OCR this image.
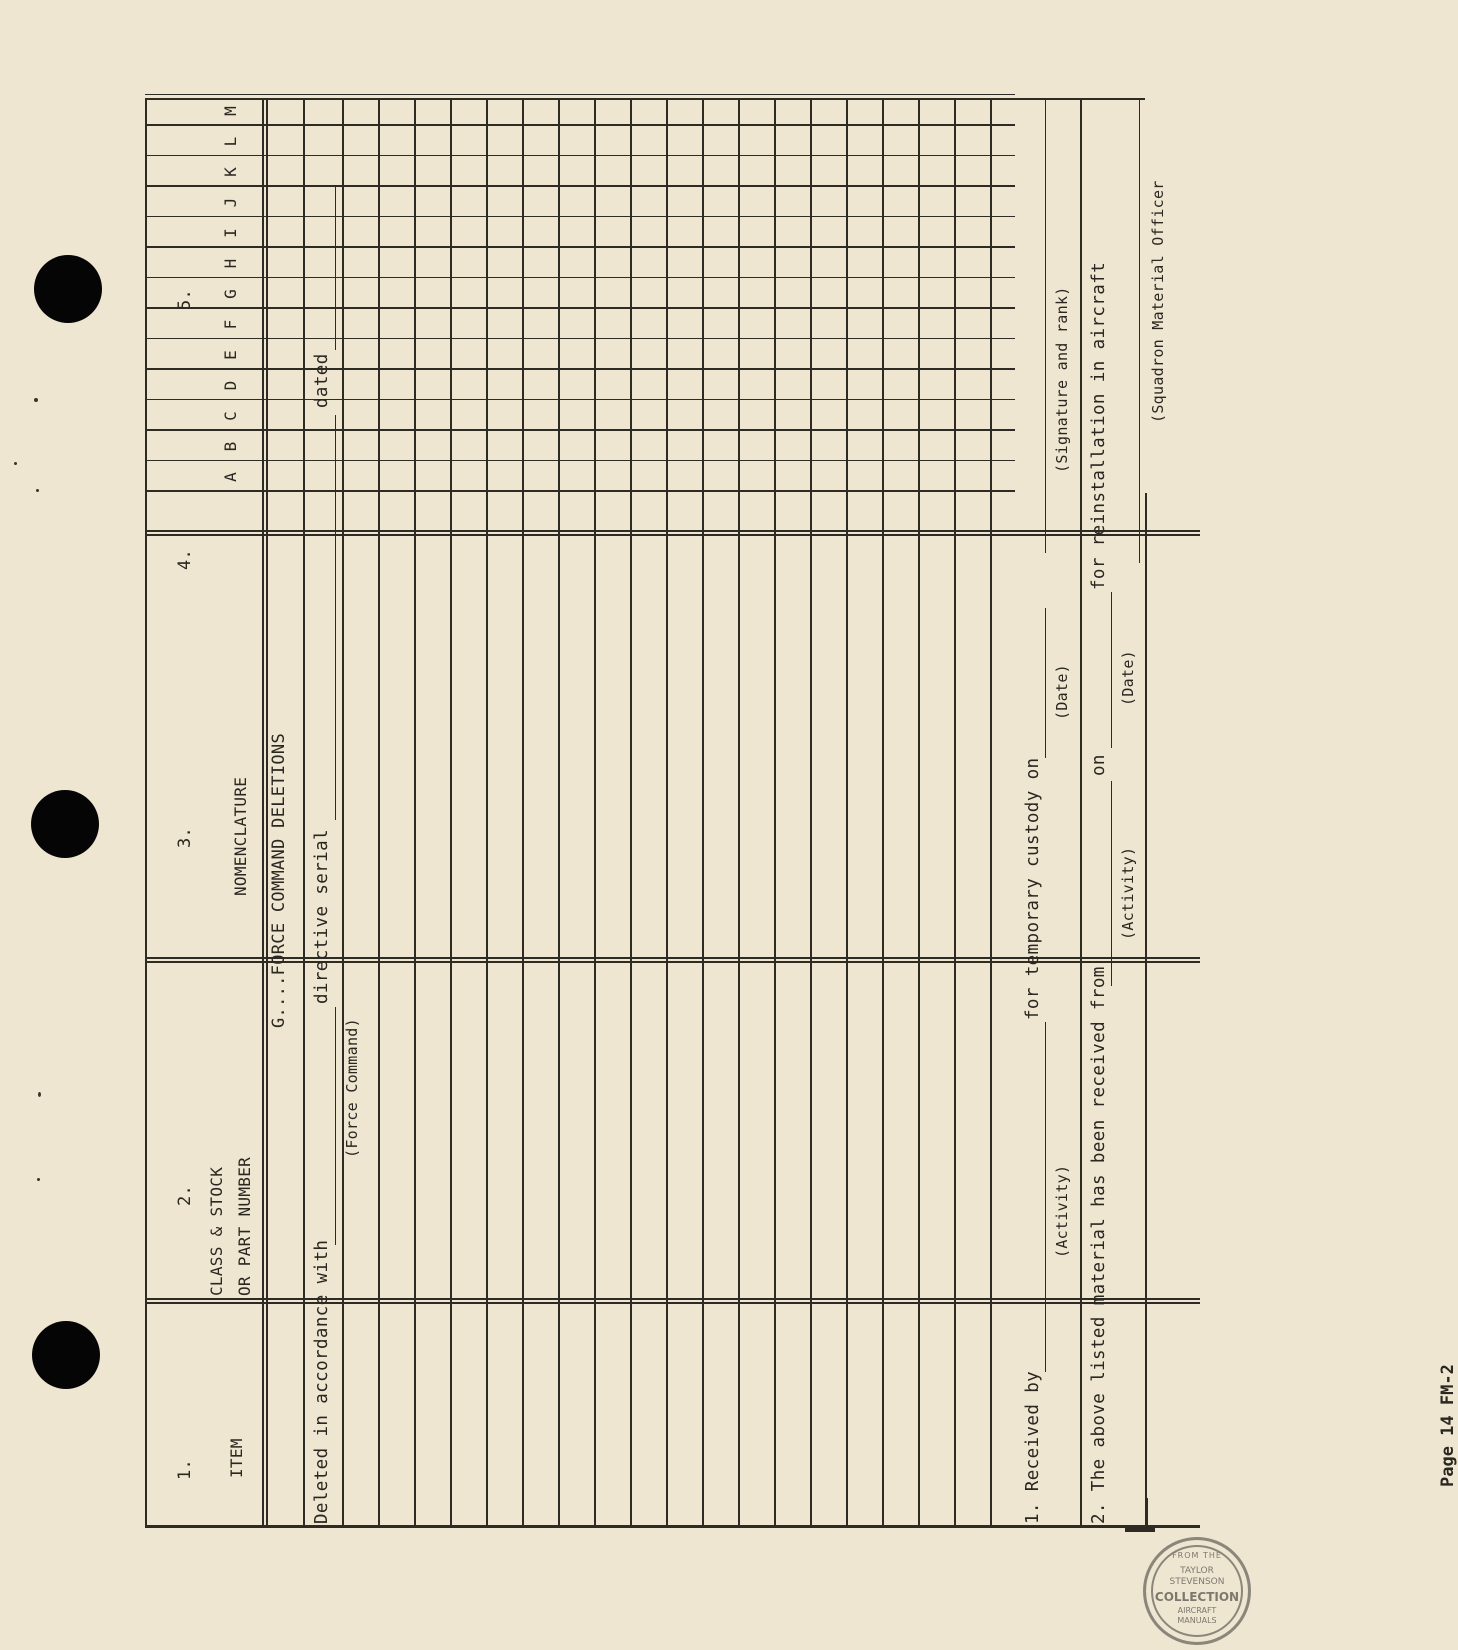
1.
2.
3.
4.
5.
ITEM
CLASS & STOCK OR PART NUMBER
NOMENCLATURE
A
B
C
D
E
F
G
H
I
J
K
L
M
G....FORCE COMMAND DELETIONS
Deleted in accordance with
(Force Command)
directive serial
dated
1. Received by
(Activity)
for temporary custody on
(Date)
(Signature and rank)
2. The above listed material has been received from
(Activity)
on
(Date)
for reinstallation in aircraft	(Squadron Material Officer
Page 14 FM-2
FROM THE
TAYLOR
STEVENSON
COLLECTION
AIRCRAFT
MANUALS
